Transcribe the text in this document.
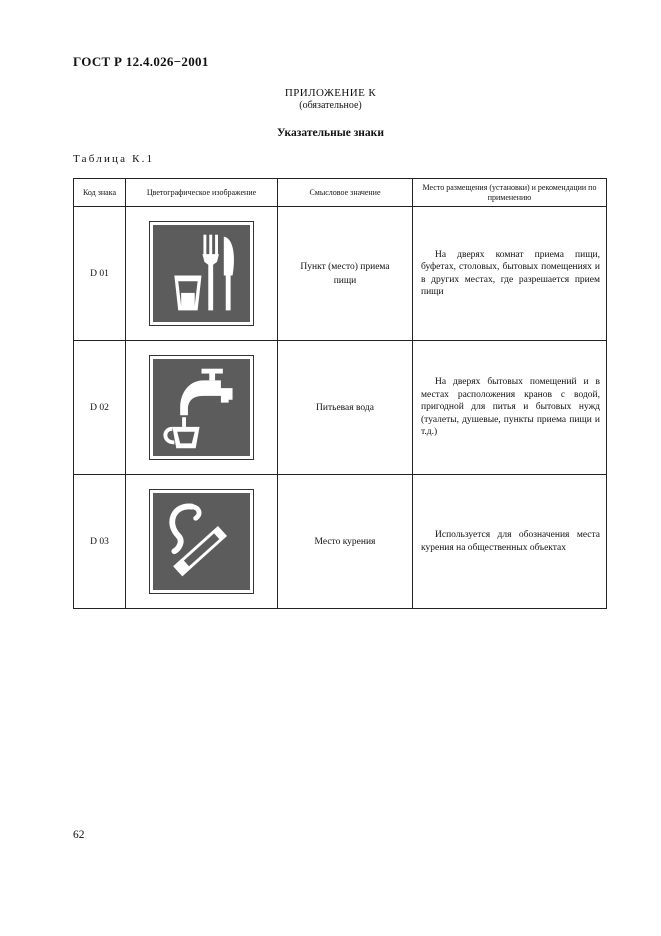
ГОСТ Р 12.4.026−2001
ПРИЛОЖЕНИЕ К
(обязательное)
Указательные знаки
Таблица К.1
Код знака	Цветографическое изображение	Смысловое значение	Место размещения (установки) и рекомендации по применению
D 01		Пункт (место) приема пищи	На дверях комнат приема пищи, буфетах, столовых, бытовых помещениях и в других местах, где разрешается прием пищи

D 02		Питьевая вода	На дверях бытовых помещений и в местах расположения кранов с водой, пригодной для питья и бытовых нужд (туалеты, душевые, пункты приема пищи и т.д.)

D 03		Место курения	Используется для обозначения места курения на общественных объектах
62
